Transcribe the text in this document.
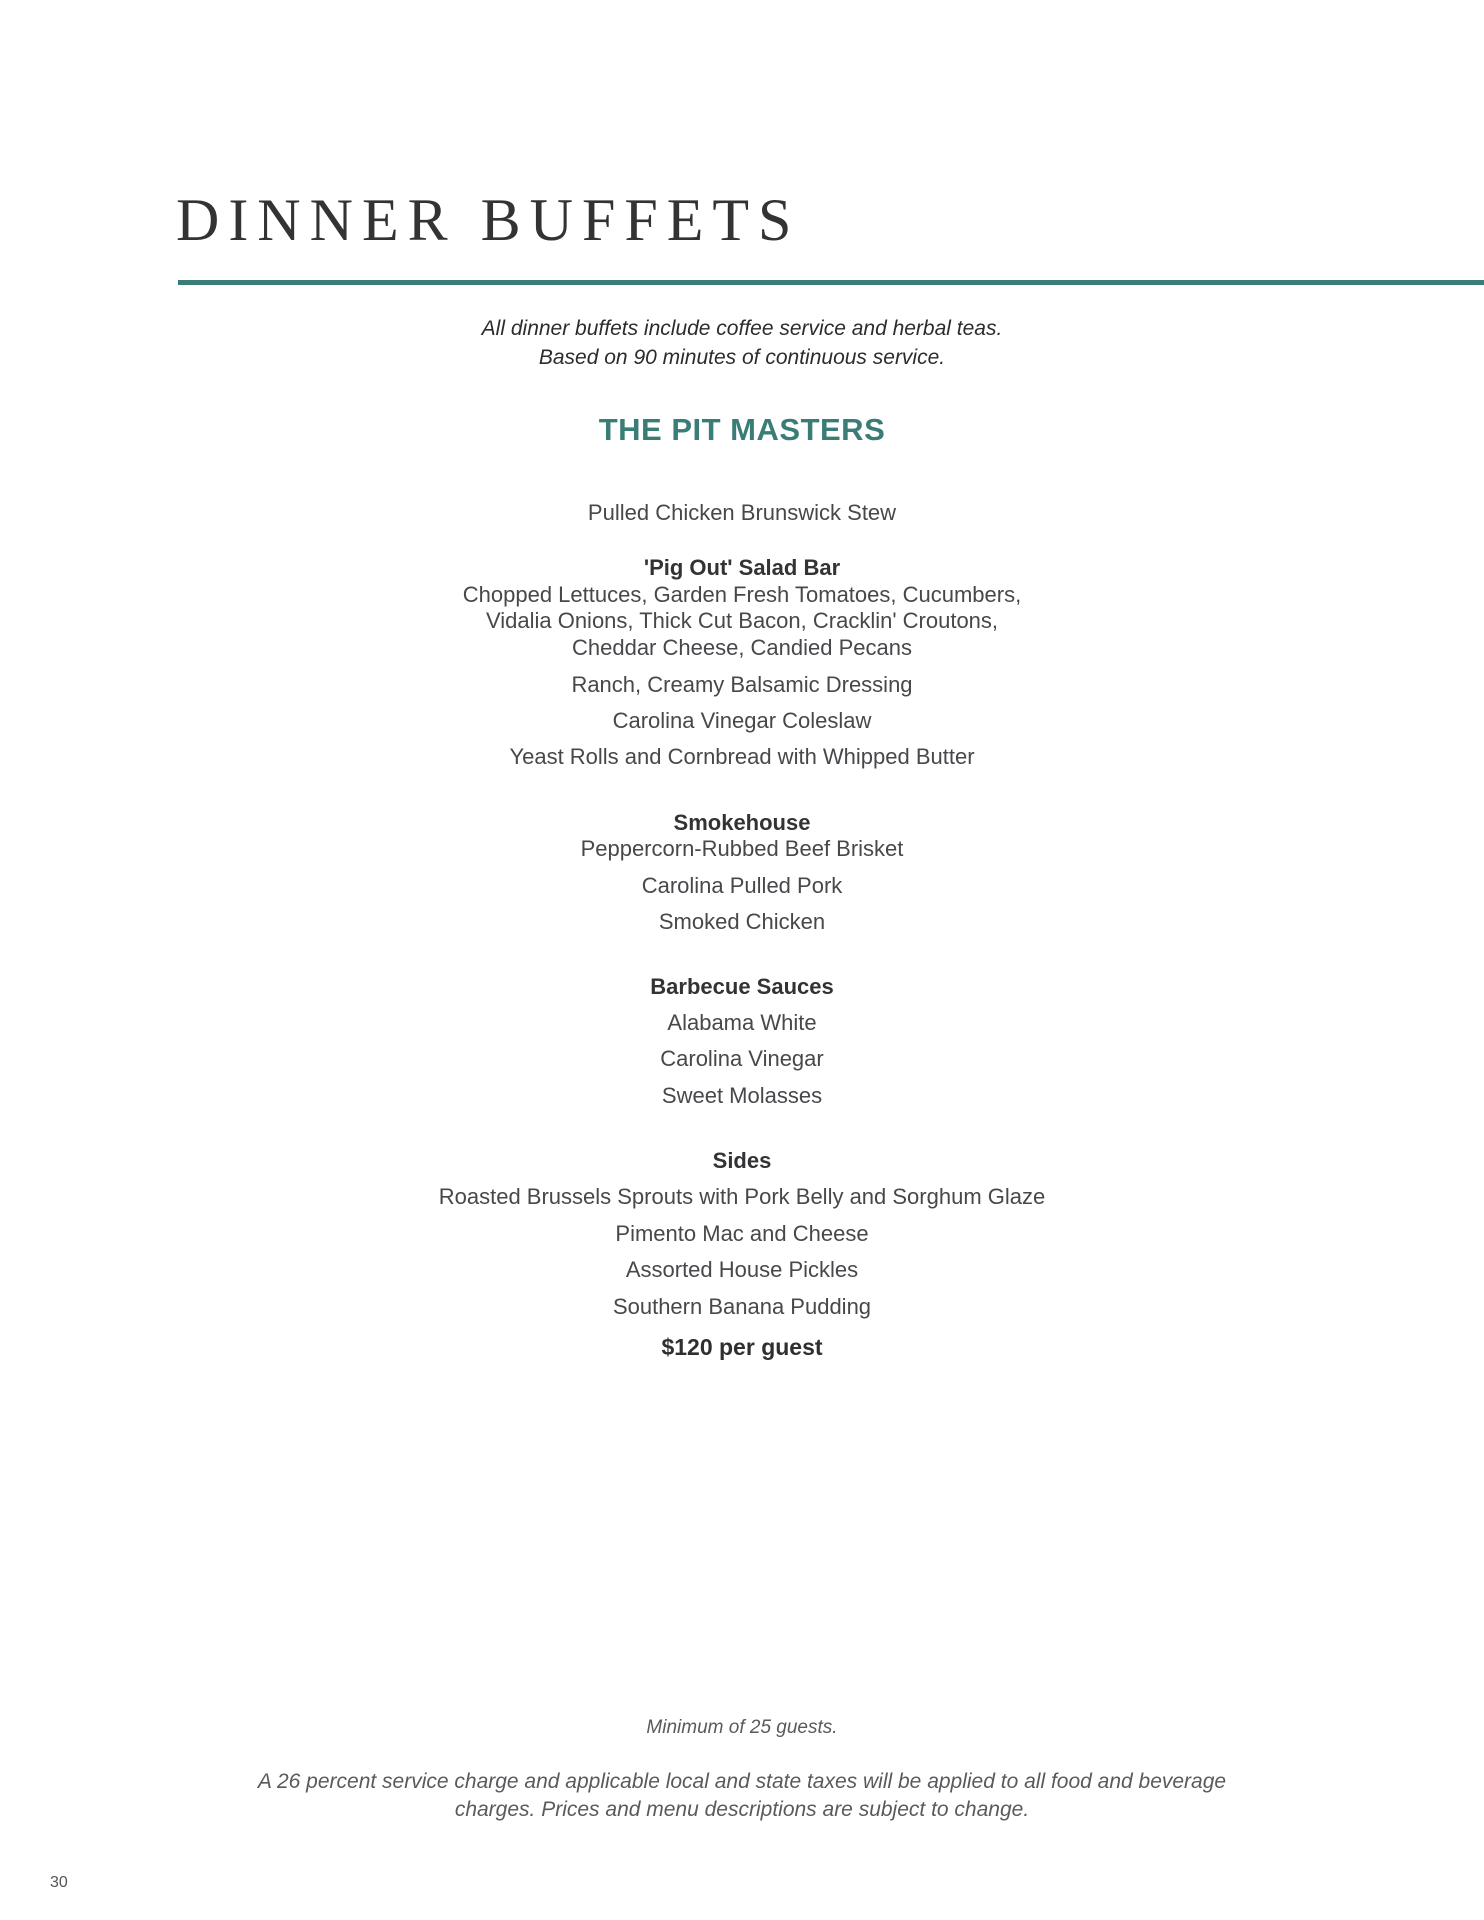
DINNER BUFFETS
All dinner buffets include coffee service and herbal teas.
Based on 90 minutes of continuous service.
THE PIT MASTERS
Pulled Chicken Brunswick Stew
'Pig Out' Salad Bar
Chopped Lettuces, Garden Fresh Tomatoes, Cucumbers,
Vidalia Onions, Thick Cut Bacon, Cracklin' Croutons,
Cheddar Cheese, Candied Pecans
Ranch, Creamy Balsamic Dressing
Carolina Vinegar Coleslaw
Yeast Rolls and Cornbread with Whipped Butter
Smokehouse
Peppercorn-Rubbed Beef Brisket
Carolina Pulled Pork
Smoked Chicken
Barbecue Sauces
Alabama White
Carolina Vinegar
Sweet Molasses
Sides
Roasted Brussels Sprouts with Pork Belly and Sorghum Glaze
Pimento Mac and Cheese
Assorted House Pickles
Southern Banana Pudding
$120 per guest
Minimum of 25 guests.
A 26 percent service charge and applicable local and state taxes will be applied to all food and beverage
charges. Prices and menu descriptions are subject to change.
30
